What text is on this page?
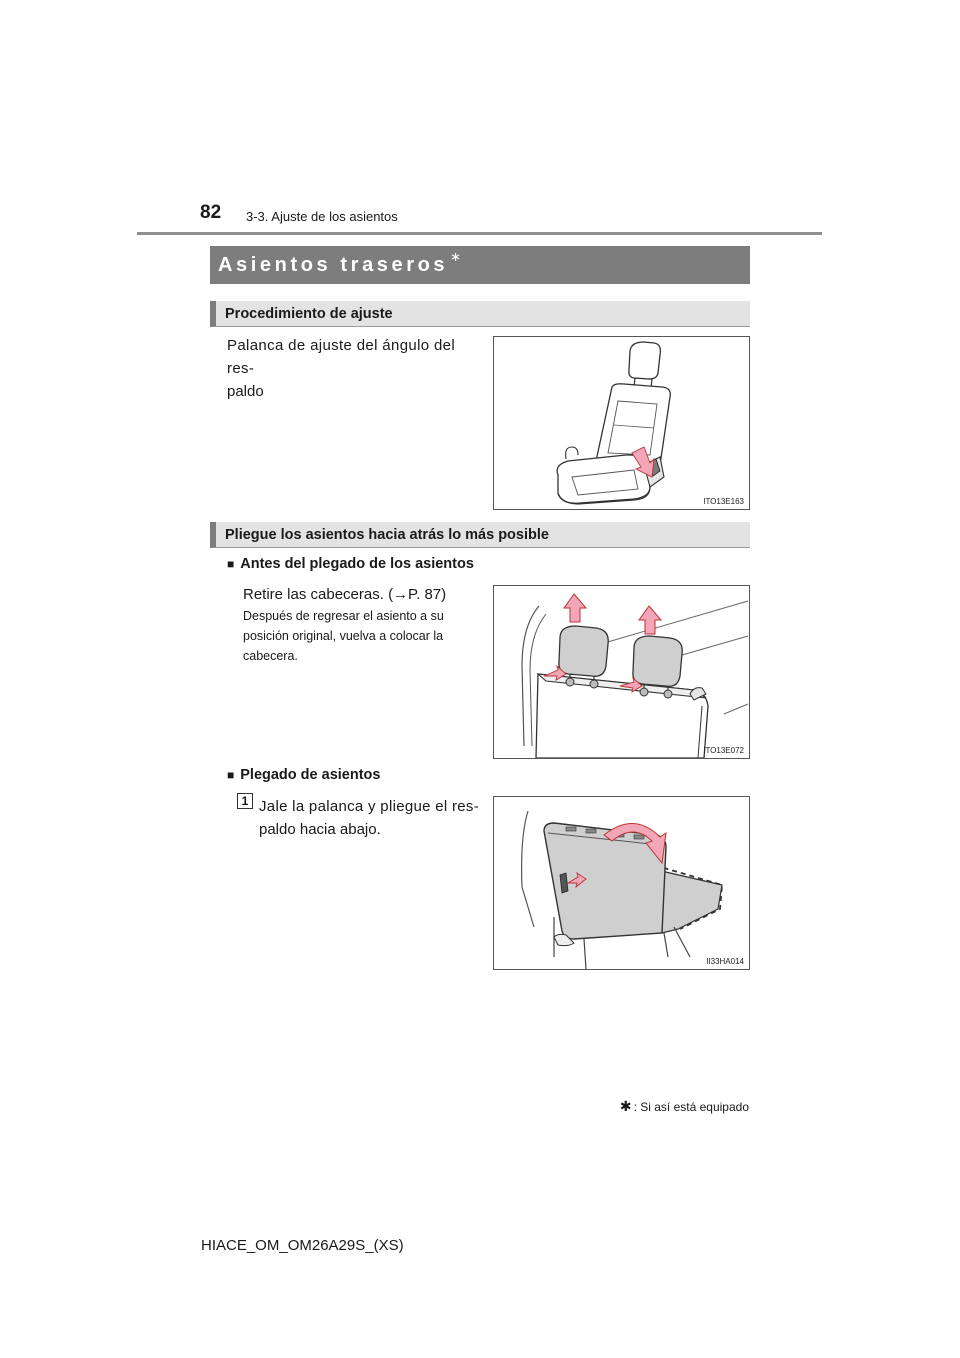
82 3-3. Ajuste de los asientos
Asientos traseros ∗
Procedimiento de ajuste
Palanca de ajuste del ángulo del res-
paldo
ITO13E163
Pliegue los asientos hacia atrás lo más posible
■ Antes del plegado de los asientos
Retire las cabeceras. (→P. 87)
Después de regresar el asiento a su
posición original, vuelva a colocar la
cabecera.
ITO13E072
■ Plegado de asientos
1 Jale la palanca y pliegue el res-
paldo hacia abajo.
II33HA014
✱ : Si así está equipado
HIACE_OM_OM26A29S_(XS)
